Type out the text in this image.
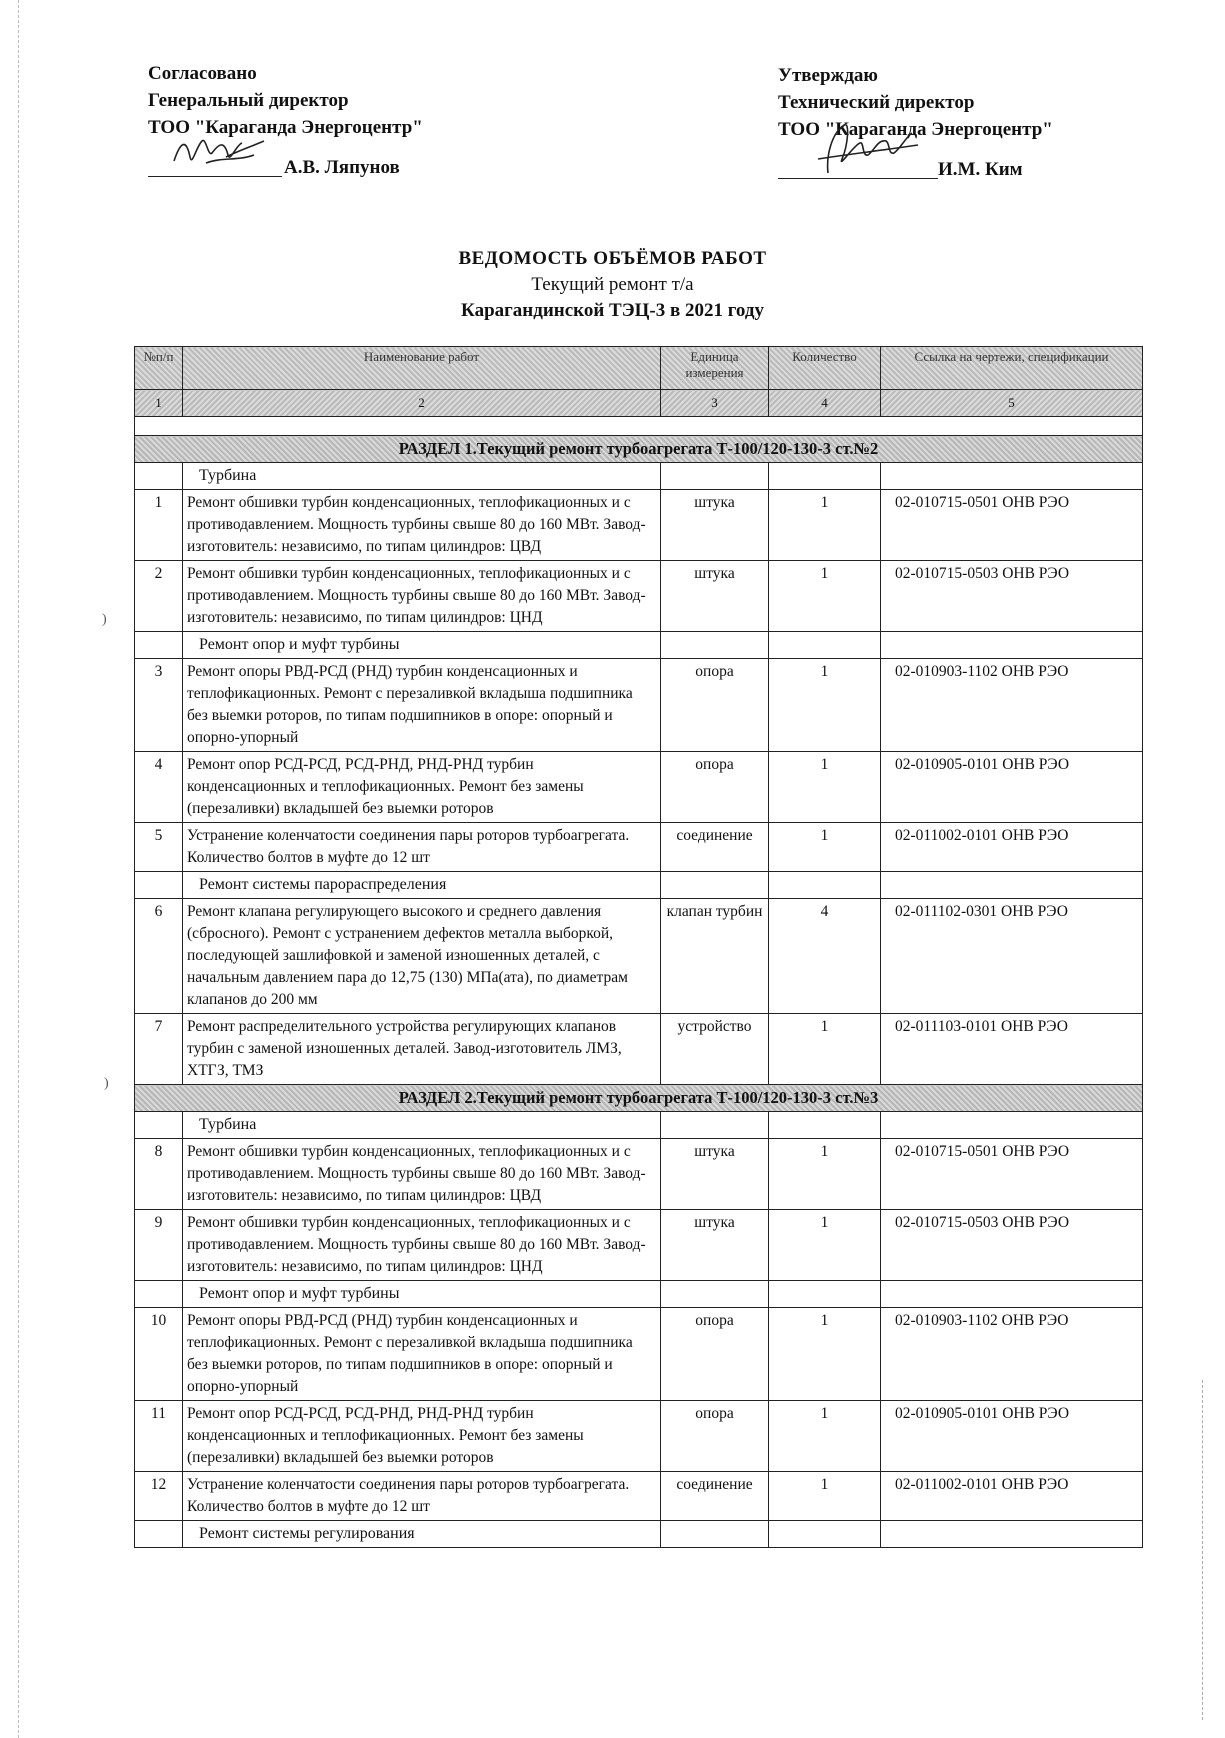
Согласовано
Генеральный директор
ТОО "Караганда Энергоцентр"
А.В. Ляпунов
Утверждаю
Технический директор
ТОО "Караганда Энергоцентр"
И.М. Ким
ВЕДОМОСТЬ ОБЪЁМОВ РАБОТ
Текущий ремонт т/а
Карагандинской ТЭЦ-3 в 2021 году
№п/п	Наименование работ	Единица измерения	Количество	Ссылка на чертежи, спецификации
1	2	3	4	5

РАЗДЕЛ 1.Текущий ремонт турбоагрегата Т-100/120-130-3 ст.№2				
	Турбина			
1	Ремонт обшивки турбин конденсационных, теплофикационных и с противодавлением. Мощность турбины свыше 80 до 160 МВт. Завод-изготовитель: независимо, по типам цилиндров: ЦВД	штука	1	02-010715-0501 ОНВ РЭО
2	Ремонт обшивки турбин конденсационных, теплофикационных и с противодавлением. Мощность турбины свыше 80 до 160 МВт. Завод-изготовитель: независимо, по типам цилиндров: ЦНД	штука	1	02-010715-0503 ОНВ РЭО
	Ремонт опор и муфт турбины			
3	Ремонт опоры РВД-РСД (РНД) турбин конденсационных и теплофикационных. Ремонт с перезаливкой вкладыша подшипника без выемки роторов, по типам подшипников в опоре: опорный и опорно-упорный	опора	1	02-010903-1102 ОНВ РЭО
4	Ремонт опор РСД-РСД, РСД-РНД, РНД-РНД турбин конденсационных и теплофикационных. Ремонт без замены (перезаливки) вкладышей без выемки роторов	опора	1	02-010905-0101 ОНВ РЭО
5	Устранение коленчатости соединения пары роторов турбоагрегата. Количество болтов в муфте до 12 шт	соединение	1	02-011002-0101 ОНВ РЭО
	Ремонт системы парораспределения			
6	Ремонт клапана регулирующего высокого и среднего давления (сбросного). Ремонт с устранением дефектов металла выборкой, последующей зашлифовкой и заменой изношенных деталей, с начальным давлением пара до 12,75 (130) МПа(ата), по диаметрам клапанов до 200 мм	клапан турбин	4	02-011102-0301 ОНВ РЭО
7	Ремонт распределительного устройства регулирующих клапанов турбин с заменой изношенных деталей. Завод-изготовитель ЛМЗ, ХТГЗ, ТМЗ	устройство	1	02-011103-0101 ОНВ РЭО
РАЗДЕЛ 2.Текущий ремонт турбоагрегата Т-100/120-130-3 ст.№3				
	Турбина			
8	Ремонт обшивки турбин конденсационных, теплофикационных и с противодавлением. Мощность турбины свыше 80 до 160 МВт. Завод-изготовитель: независимо, по типам цилиндров: ЦВД	штука	1	02-010715-0501 ОНВ РЭО
9	Ремонт обшивки турбин конденсационных, теплофикационных и с противодавлением. Мощность турбины свыше 80 до 160 МВт. Завод-изготовитель: независимо, по типам цилиндров: ЦНД	штука	1	02-010715-0503 ОНВ РЭО
	Ремонт опор и муфт турбины			
10	Ремонт опоры РВД-РСД (РНД) турбин конденсационных и теплофикационных. Ремонт с перезаливкой вкладыша подшипника без выемки роторов, по типам подшипников в опоре: опорный и опорно-упорный	опора	1	02-010903-1102 ОНВ РЭО
11	Ремонт опор РСД-РСД, РСД-РНД, РНД-РНД турбин конденсационных и теплофикационных. Ремонт без замены (перезаливки) вкладышей без выемки роторов	опора	1	02-010905-0101 ОНВ РЭО
12	Устранение коленчатости соединения пары роторов турбоагрегата. Количество болтов в муфте до 12 шт	соединение	1	02-011002-0101 ОНВ РЭО
	Ремонт системы регулирования			
)
)
